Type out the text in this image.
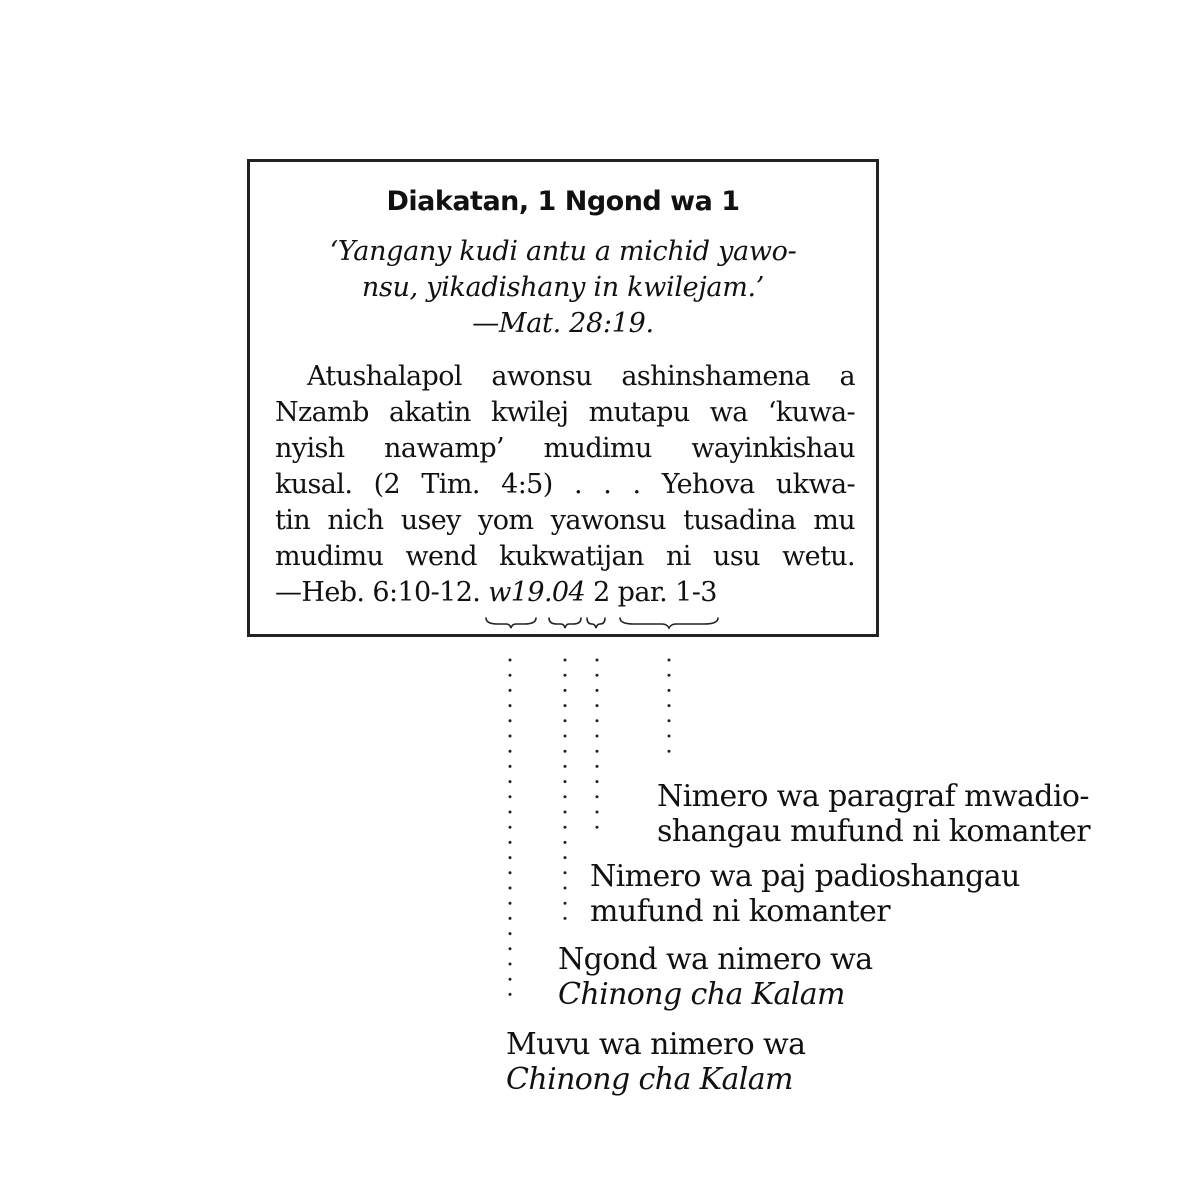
Diakatan, 1 Ngond wa 1

‘Yangany kudi antu a michid yawo-
nsu, yikadishany in kwilejam.’
—Mat. 28:19.

Atushalapol awonsu ashinshamena a
Nzamb akatin kwilej mutapu wa ‘kuwa-
nyish nawamp’ mudimu wayinkishau
kusal. (2 Tim. 4:5) . . . Yehova ukwa-
tin nich usey yom yawonsu tusadina mu
mudimu wend kukwatijan ni usu wetu.
—Heb. 6:10-12. w19.04 2 par. 1-3
Nimero wa paragraf mwadio-
shangau mufund ni komanter
Nimero wa paj padioshangau
mufund ni komanter
Ngond wa nimero wa
Chinong cha Kalam
Muvu wa nimero wa
Chinong cha Kalam
